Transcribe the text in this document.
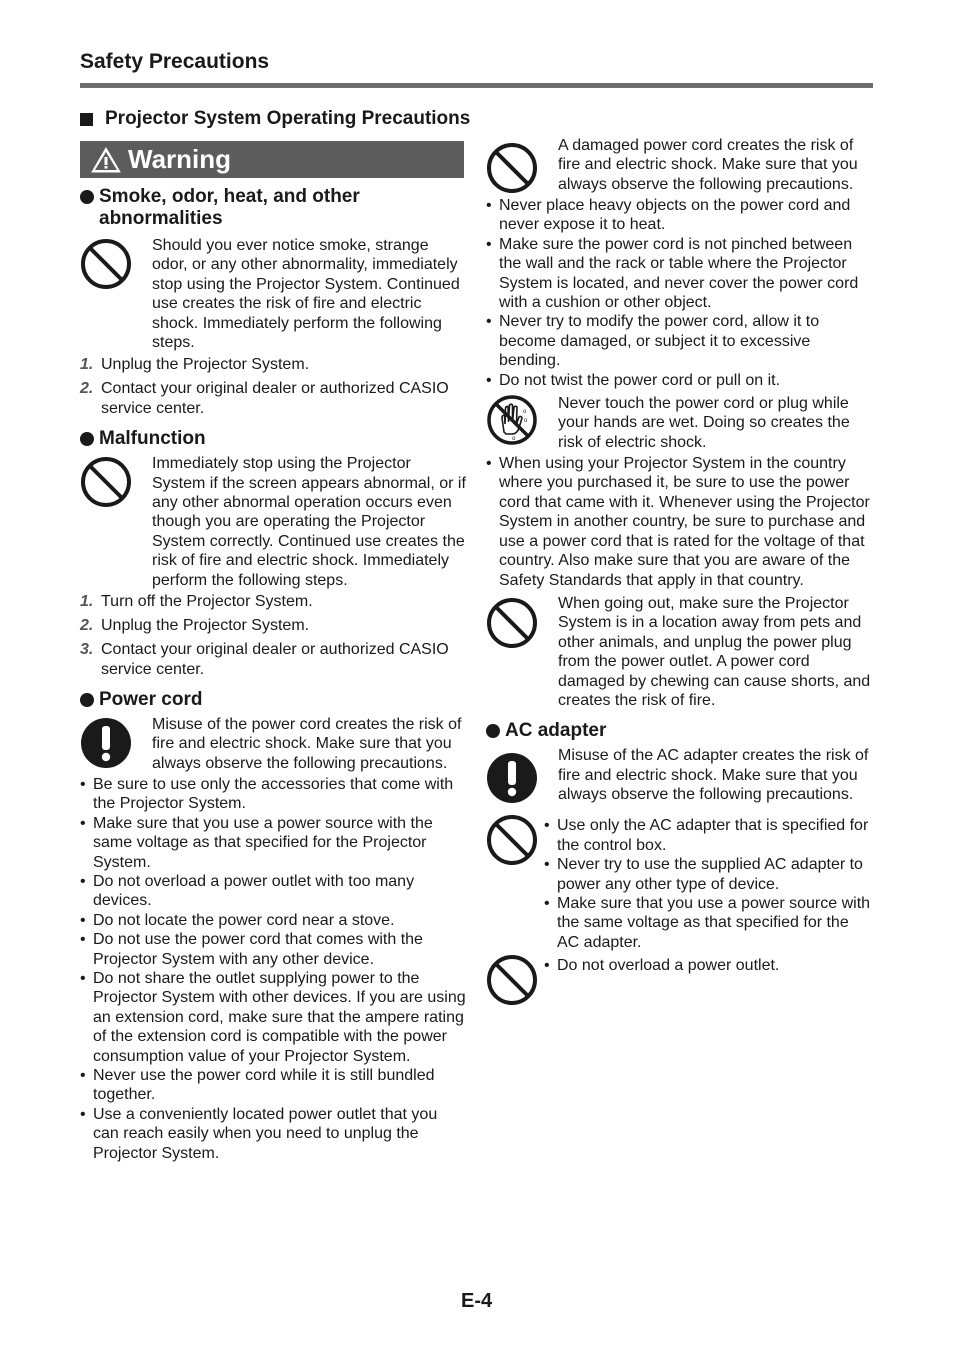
Safety Precautions
Projector System Operating Precautions
Warning
Smoke, odor, heat, and other
abnormalities
Should you ever notice smoke, strange odor, or any other abnormality, immediately stop using the Projector System. Continued use creates the risk of fire and electric shock. Immediately perform the following steps.
1. Unplug the Projector System.
2. Contact your original dealer or authorized CASIO service center.
Malfunction
Immediately stop using the Projector System if the screen appears abnormal, or if any other abnormal operation occurs even though you are operating the Projector System correctly. Continued use creates the risk of fire and electric shock. Immediately perform the following steps.
1. Turn off the Projector System.
2. Unplug the Projector System.
3. Contact your original dealer or authorized CASIO service center.
Power cord
Misuse of the power cord creates the risk of fire and electric shock. Make sure that you always observe the following precautions.
• Be sure to use only the accessories that come with the Projector System.
• Make sure that you use a power source with the same voltage as that specified for the Projector System.
• Do not overload a power outlet with too many devices.
• Do not locate the power cord near a stove.
• Do not use the power cord that comes with the Projector System with any other device.
• Do not share the outlet supplying power to the Projector System with other devices. If you are using an extension cord, make sure that the ampere rating of the extension cord is compatible with the power consumption value of your Projector System.
• Never use the power cord while it is still bundled together.
• Use a conveniently located power outlet that you can reach easily when you need to unplug the Projector System.
A damaged power cord creates the risk of fire and electric shock. Make sure that you always observe the following precautions.
• Never place heavy objects on the power cord and never expose it to heat.
• Make sure the power cord is not pinched between the wall and the rack or table where the Projector System is located, and never cover the power cord with a cushion or other object.
• Never try to modify the power cord, allow it to become damaged, or subject it to excessive bending.
• Do not twist the power cord or pull on it.
o
o
o
Never touch the power cord or plug while your hands are wet. Doing so creates the risk of electric shock.
• When using your Projector System in the country where you purchased it, be sure to use the power cord that came with it. Whenever using the Projector System in another country, be sure to purchase and use a power cord that is rated for the voltage of that country. Also make sure that you are aware of the Safety Standards that apply in that country.
When going out, make sure the Projector System is in a location away from pets and other animals, and unplug the power plug from the power outlet. A power cord damaged by chewing can cause shorts, and creates the risk of fire.
AC adapter
Misuse of the AC adapter creates the risk of fire and electric shock. Make sure that you always observe the following precautions.
• Use only the AC adapter that is specified for the control box.
• Never try to use the supplied AC adapter to power any other type of device.
• Make sure that you use a power source with the same voltage as that specified for the AC adapter.
• Do not overload a power outlet.
E-4
